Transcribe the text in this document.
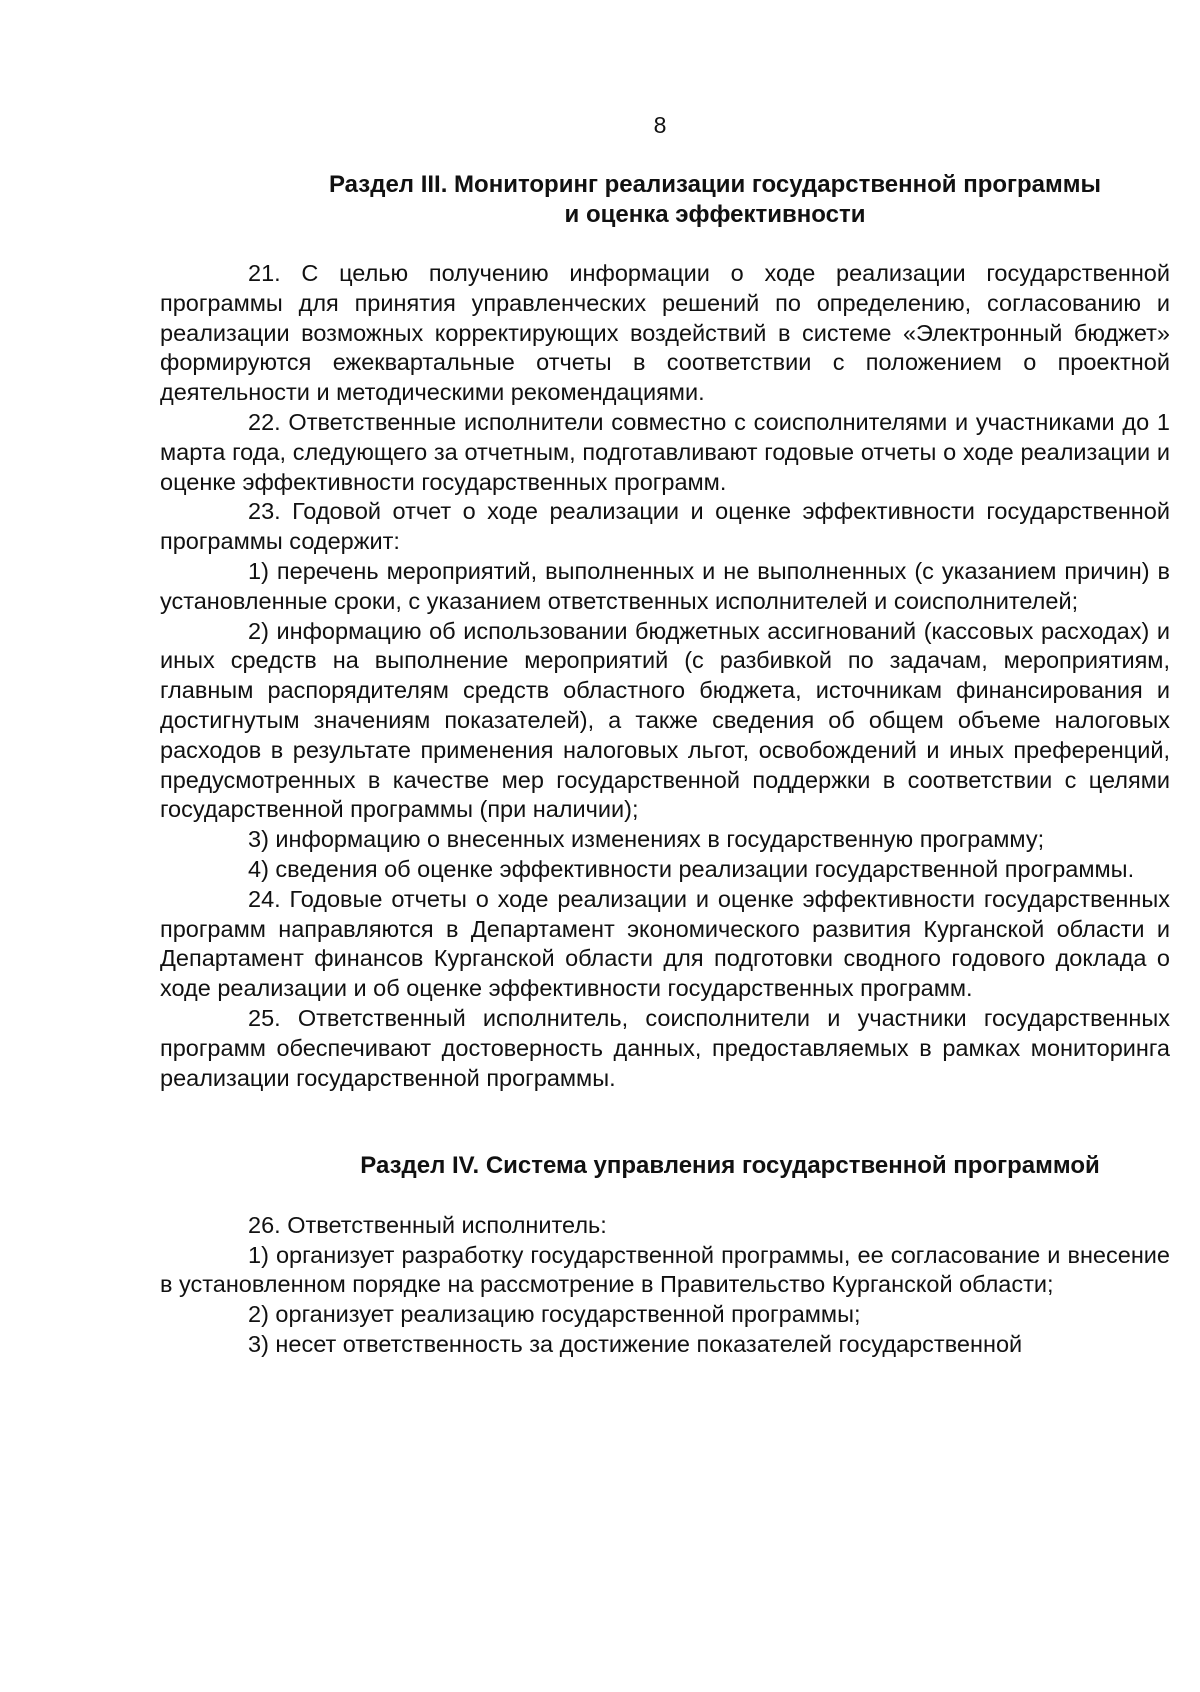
8
Раздел III. Мониторинг реализации государственной программы
и оценка эффективности

21. С целью получению информации о ходе реализации государственной программы для принятия управленческих решений по определению, согласованию и реализации возможных корректирующих воздействий в системе «Электронный бюджет» формируются ежеквартальные отчеты в соответствии с положением о проектной деятельности и методическими рекомендациями.

22. Ответственные исполнители совместно с соисполнителями и участниками до 1 марта года, следующего за отчетным, подготавливают годовые отчеты о ходе реализации и оценке эффективности государственных программ.

23. Годовой отчет о ходе реализации и оценке эффективности государственной программы содержит:

1) перечень мероприятий, выполненных и не выполненных (с указанием причин) в установленные сроки, с указанием ответственных исполнителей и соисполнителей;

2) информацию об использовании бюджетных ассигнований (кассовых расходах) и иных средств на выполнение мероприятий (с разбивкой по задачам, мероприятиям, главным распорядителям средств областного бюджета, источникам финансирования и достигнутым значениям показателей), а также сведения об общем объеме налоговых расходов в результате применения налоговых льгот, освобождений и иных преференций, предусмотренных в качестве мер государственной поддержки в соответствии с целями государственной программы (при наличии);

3) информацию о внесенных изменениях в государственную программу;

4) сведения об оценке эффективности реализации государственной программы.

24. Годовые отчеты о ходе реализации и оценке эффективности государственных программ направляются в Департамент экономического развития Курганской области и Департамент финансов Курганской области для подготовки сводного годового доклада о ходе реализации и об оценке эффективности государственных программ.

25. Ответственный исполнитель, соисполнители и участники государственных программ обеспечивают достоверность данных, предоставляемых в рамках мониторинга реализации государственной программы.

Раздел IV. Система управления государственной программой

26. Ответственный исполнитель:

1) организует разработку государственной программы, ее согласование и внесение в установленном порядке на рассмотрение в Правительство Курганской области;

2) организует реализацию государственной программы;

3) несет ответственность за достижение показателей государственной
